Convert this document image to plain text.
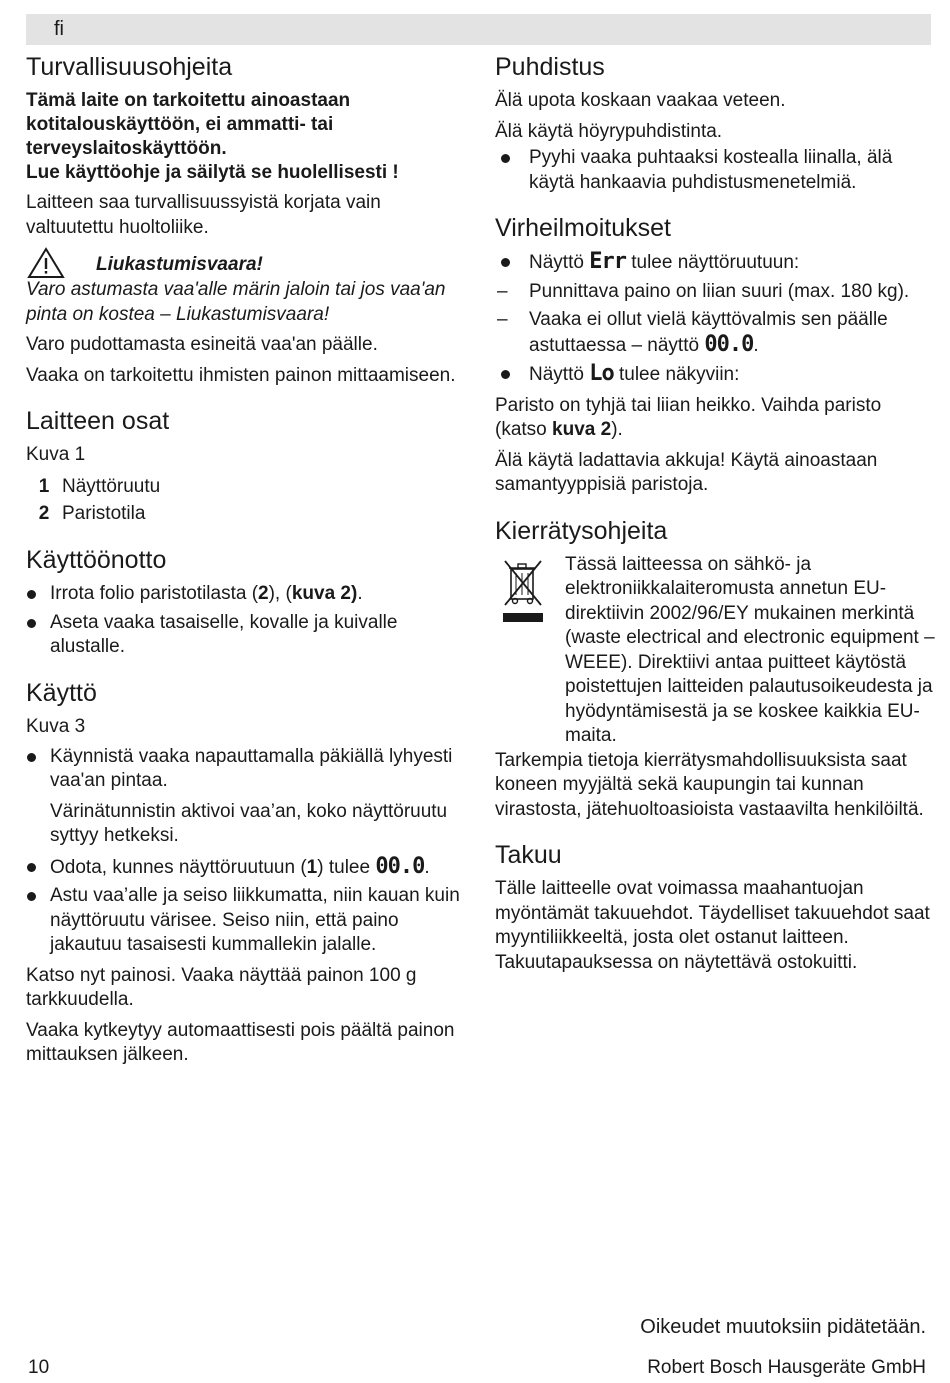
fi
Turvallisuusohjeita

Tämä laite on tarkoitettu ainoastaan kotitalouskäyttöön, ei ammatti- tai terveyslaitoskäyttöön.

Lue käyttöohje ja säilytä se huolellisesti !

Laitteen saa turvallisuussyistä korjata vain valtuutettu huoltoliike.

Liukastumisvaara!

Varo astumasta vaa'alle märin jaloin tai jos vaa'an pinta on kostea – Liukastumisvaara!

Varo pudottamasta esineitä vaa'an päälle.

Vaaka on tarkoitettu ihmisten painon mittaamiseen.

Laitteen osat
Kuva 1
1 Näyttöruutu
2 Paristotila
Käyttöönotto
Irrota folio paristotilasta (2), (kuva 2).
Aseta vaaka tasaiselle, kovalle ja kuivalle alustalle.
Käyttö
Kuva 3
Käynnistä vaaka napauttamalla päkiällä lyhyesti vaa'an pintaa.

Värinätunnistin aktivoi vaa’an, koko näyttöruutu syttyy hetkeksi.

Odota, kunnes näyttöruutuun (1) tulee 00.0.
Astu vaa’alle ja seiso liikkumatta, niin kauan kuin näyttöruutu värisee. Seiso niin, että paino jakautuu tasaisesti kummallekin jalalle.

Katso nyt painosi. Vaaka näyttää painon 100 g tarkkuudella.

Vaaka kytkeytyy automaattisesti pois päältä painon mittauksen jälkeen.

Puhdistus

Älä upota koskaan vaakaa veteen.

Älä käytä höyrypuhdistinta.

Pyyhi vaaka puhtaaksi kostealla liinalla, älä käytä hankaavia puhdistusmenetelmiä.
Virheilmoitukset
Näyttö Err tulee näyttöruutuun:
– Punnittava paino on liian suuri (max. 180 kg).
– Vaaka ei ollut vielä käyttövalmis sen päälle astuttaessa – näyttö 00.0.
Näyttö Lo tulee näkyviin:

Paristo on tyhjä tai liian heikko. Vaihda paristo (katso kuva 2).

Älä käytä ladattavia akkuja! Käytä ainoastaan samantyyppisiä paristoja.

Kierrätysohjeita

Tässä laitteessa on sähkö- ja elektroniikkalaiteromusta annetun EU-direktiivin 2002/96/EY mukainen merkintä (waste electrical and electronic equipment – WEEE). Direktiivi antaa puitteet käytöstä poistettujen laitteiden palautusoikeudesta ja hyödyntämisestä ja se koskee kaikkia EU-maita.

Tarkempia tietoja kierrätysmahdollisuuksista saat koneen myyjältä sekä kaupungin tai kunnan virastosta, jätehuoltoasioista vastaavilta henkilöiltä.

Takuu

Tälle laitteelle ovat voimassa maahantuojan myöntämät takuuehdot. Täydelliset takuuehdot saat myyntiliikkeeltä, josta olet ostanut laitteen. Takuutapauksessa on näytettävä ostokuitti.

Oikeudet muutoksiin pidätetään.
10	Robert Bosch Hausgeräte GmbH
